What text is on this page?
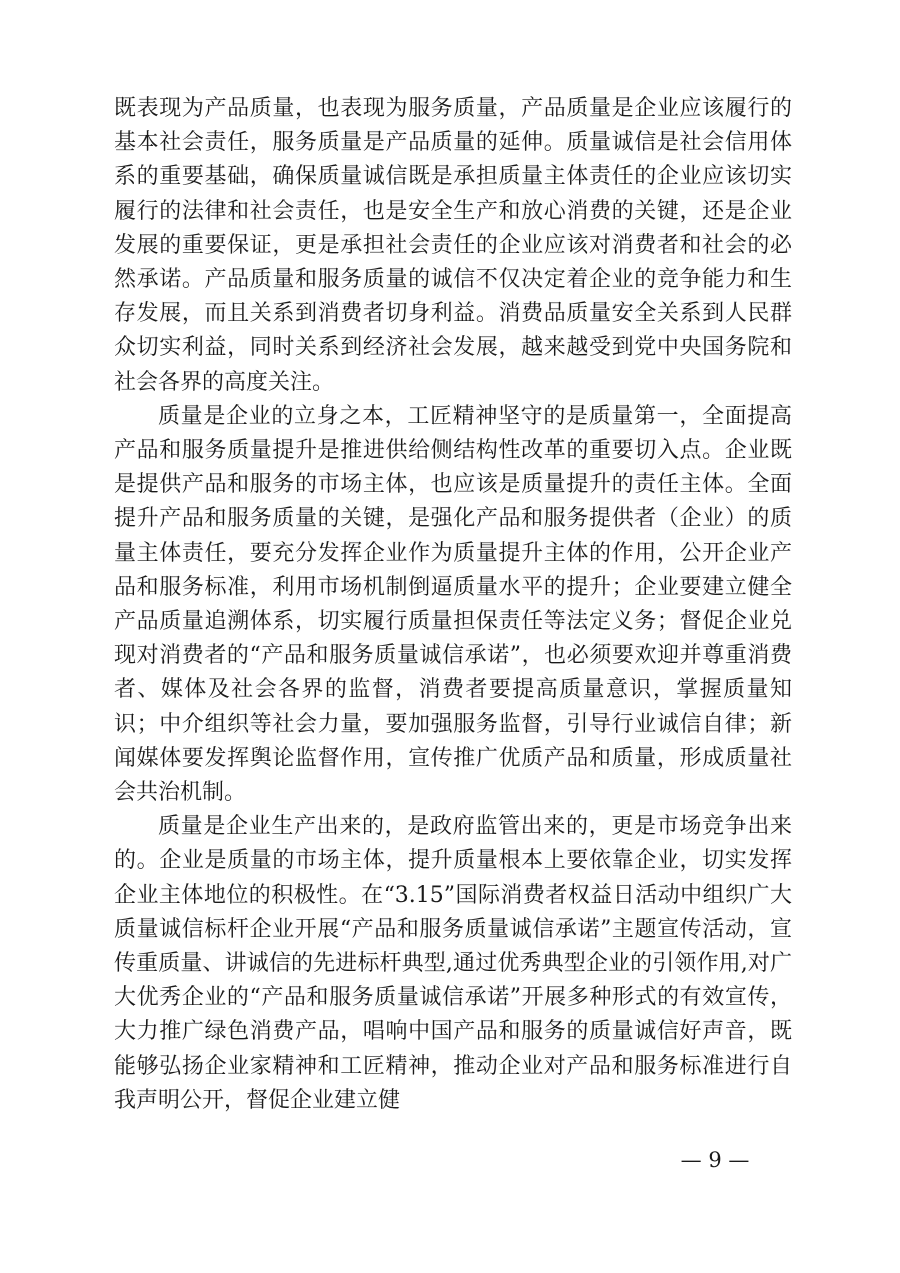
既表现为产品质量，也表现为服务质量，产品质量是企业应该履行的基本社会责任，服务质量是产品质量的延伸。质量诚信是社会信用体系的重要基础，确保质量诚信既是承担质量主体责任的企业应该切实履行的法律和社会责任，也是安全生产和放心消费的关键，还是企业发展的重要保证，更是承担社会责任的企业应该对消费者和社会的必然承诺。产品质量和服务质量的诚信不仅决定着企业的竞争能力和生存发展，而且关系到消费者切身利益。消费品质量安全关系到人民群众切实利益，同时关系到经济社会发展，越来越受到党中央国务院和社会各界的高度关注。

质量是企业的立身之本，工匠精神坚守的是质量第一，全面提高产品和服务质量提升是推进供给侧结构性改革的重要切入点。企业既是提供产品和服务的市场主体，也应该是质量提升的责任主体。全面提升产品和服务质量的关键，是强化产品和服务提供者（企业）的质量主体责任，要充分发挥企业作为质量提升主体的作用，公开企业产品和服务标准，利用市场机制倒逼质量水平的提升；企业要建立健全产品质量追溯体系，切实履行质量担保责任等法定义务；督促企业兑现对消费者的“产品和服务质量诚信承诺”，也必须要欢迎并尊重消费者、媒体及社会各界的监督，消费者要提高质量意识，掌握质量知识；中介组织等社会力量，要加强服务监督，引导行业诚信自律；新闻媒体要发挥舆论监督作用，宣传推广优质产品和质量，形成质量社会共治机制。

质量是企业生产出来的，是政府监管出来的，更是市场竞争出来的。企业是质量的市场主体，提升质量根本上要依靠企业，切实发挥企业主体地位的积极性。在“3.15”国际消费者权益日活动中组织广大质量诚信标杆企业开展“产品和服务质量诚信承诺”主题宣传活动，宣传重质量、讲诚信的先进标杆典型,通过优秀典型企业的引领作用,对广大优秀企业的“产品和服务质量诚信承诺”开展多种形式的有效宣传，大力推广绿色消费产品，唱响中国产品和服务的质量诚信好声音，既能够弘扬企业家精神和工匠精神，推动企业对产品和服务标准进行自我声明公开，督促企业建立健

— 9 —
